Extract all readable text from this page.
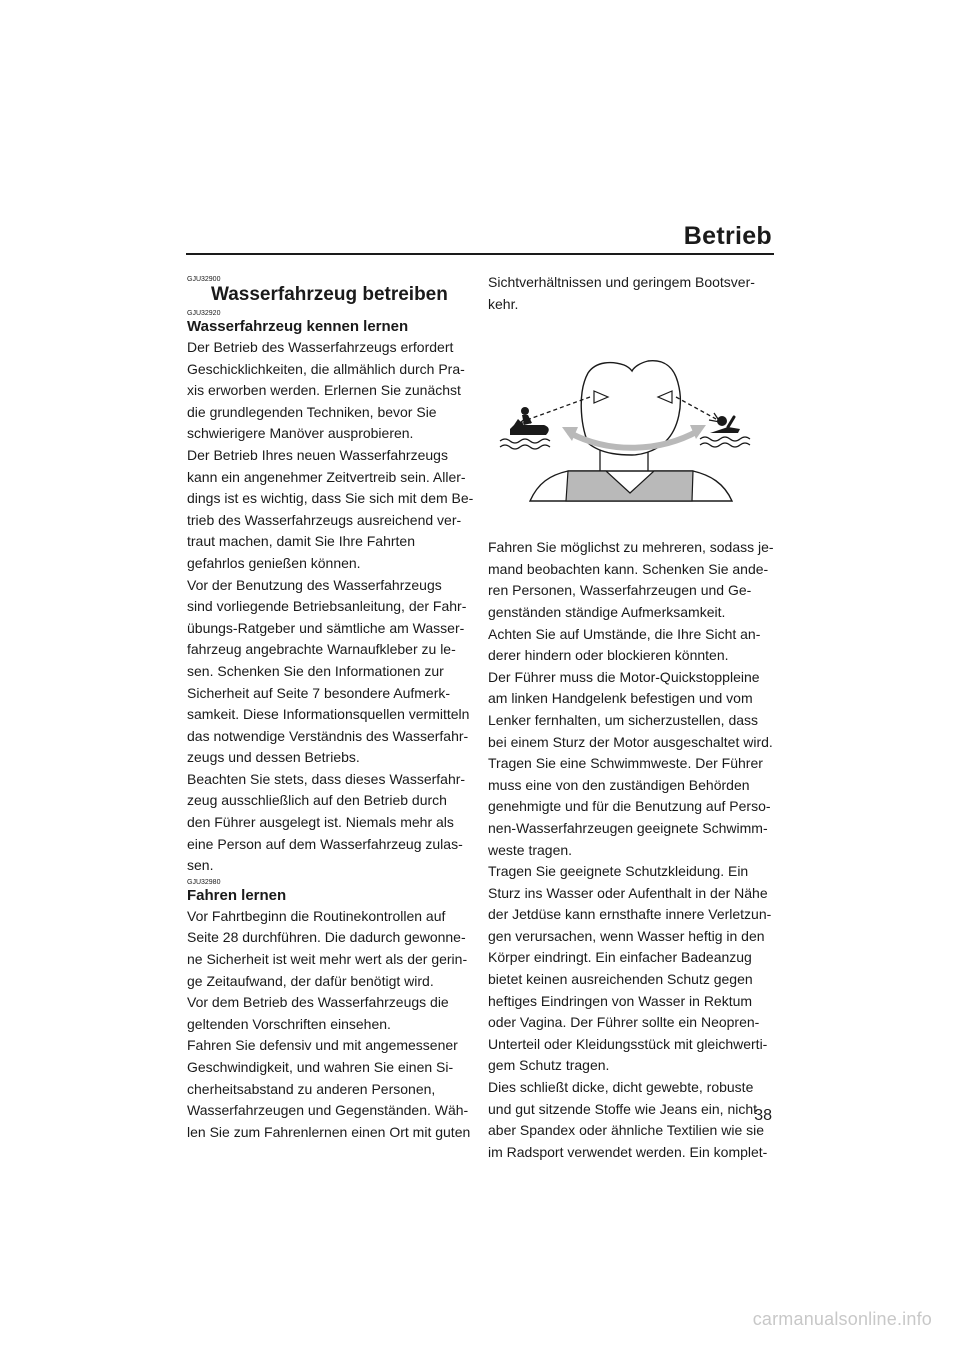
Betrieb
GJU32900
Wasserfahrzeug betreiben
GJU32920
Wasserfahrzeug kennen lernen

Der Betrieb des Wasserfahrzeugs erfordert

Geschicklichkeiten, die allmählich durch Pra-

xis erworben werden. Erlernen Sie zunächst

die grundlegenden Techniken, bevor Sie

schwierigere Manöver ausprobieren.

Der Betrieb Ihres neuen Wasserfahrzeugs

kann ein angenehmer Zeitvertreib sein. Aller-

dings ist es wichtig, dass Sie sich mit dem Be-

trieb des Wasserfahrzeugs ausreichend ver-

traut machen, damit Sie Ihre Fahrten

gefahrlos genießen können.

Vor der Benutzung des Wasserfahrzeugs

sind vorliegende Betriebsanleitung, der Fahr-

übungs-Ratgeber und sämtliche am Wasser-

fahrzeug angebrachte Warnaufkleber zu le-

sen. Schenken Sie den Informationen zur

Sicherheit auf Seite 7 besondere Aufmerk-

samkeit. Diese Informationsquellen vermitteln

das notwendige Verständnis des Wasserfahr-

zeugs und dessen Betriebs.

Beachten Sie stets, dass dieses Wasserfahr-

zeug ausschließlich auf den Betrieb durch

den Führer ausgelegt ist. Niemals mehr als

eine Person auf dem Wasserfahrzeug zulas-

sen.

GJU32980
Fahren lernen

Vor Fahrtbeginn die Routinekontrollen auf

Seite 28 durchführen. Die dadurch gewonne-

ne Sicherheit ist weit mehr wert als der gerin-

ge Zeitaufwand, der dafür benötigt wird.

Vor dem Betrieb des Wasserfahrzeugs die

geltenden Vorschriften einsehen.

Fahren Sie defensiv und mit angemessener

Geschwindigkeit, und wahren Sie einen Si-

cherheitsabstand zu anderen Personen,

Wasserfahrzeugen und Gegenständen. Wäh-

len Sie zum Fahrenlernen einen Ort mit guten

Sichtverhältnissen und geringem Bootsver-

kehr.

Fahren Sie möglichst zu mehreren, sodass je-

mand beobachten kann. Schenken Sie ande-

ren Personen, Wasserfahrzeugen und Ge-

genständen ständige Aufmerksamkeit.

Achten Sie auf Umstände, die Ihre Sicht an-

derer hindern oder blockieren könnten.

Der Führer muss die Motor-Quickstoppleine

am linken Handgelenk befestigen und vom

Lenker fernhalten, um sicherzustellen, dass

bei einem Sturz der Motor ausgeschaltet wird.

Tragen Sie eine Schwimmweste. Der Führer

muss eine von den zuständigen Behörden

genehmigte und für die Benutzung auf Perso-

nen-Wasserfahrzeugen geeignete Schwimm-

weste tragen.

Tragen Sie geeignete Schutzkleidung. Ein

Sturz ins Wasser oder Aufenthalt in der Nähe

der Jetdüse kann ernsthafte innere Verletzun-

gen verursachen, wenn Wasser heftig in den

Körper eindringt. Ein einfacher Badeanzug

bietet keinen ausreichenden Schutz gegen

heftiges Eindringen von Wasser in Rektum

oder Vagina. Der Führer sollte ein Neopren-

Unterteil oder Kleidungsstück mit gleichwerti-

gem Schutz tragen.

Dies schließt dicke, dicht gewebte, robuste

und gut sitzende Stoffe wie Jeans ein, nicht

aber Spandex oder ähnliche Textilien wie sie

im Radsport verwendet werden. Ein komplet-

38
carmanualsonline.info
